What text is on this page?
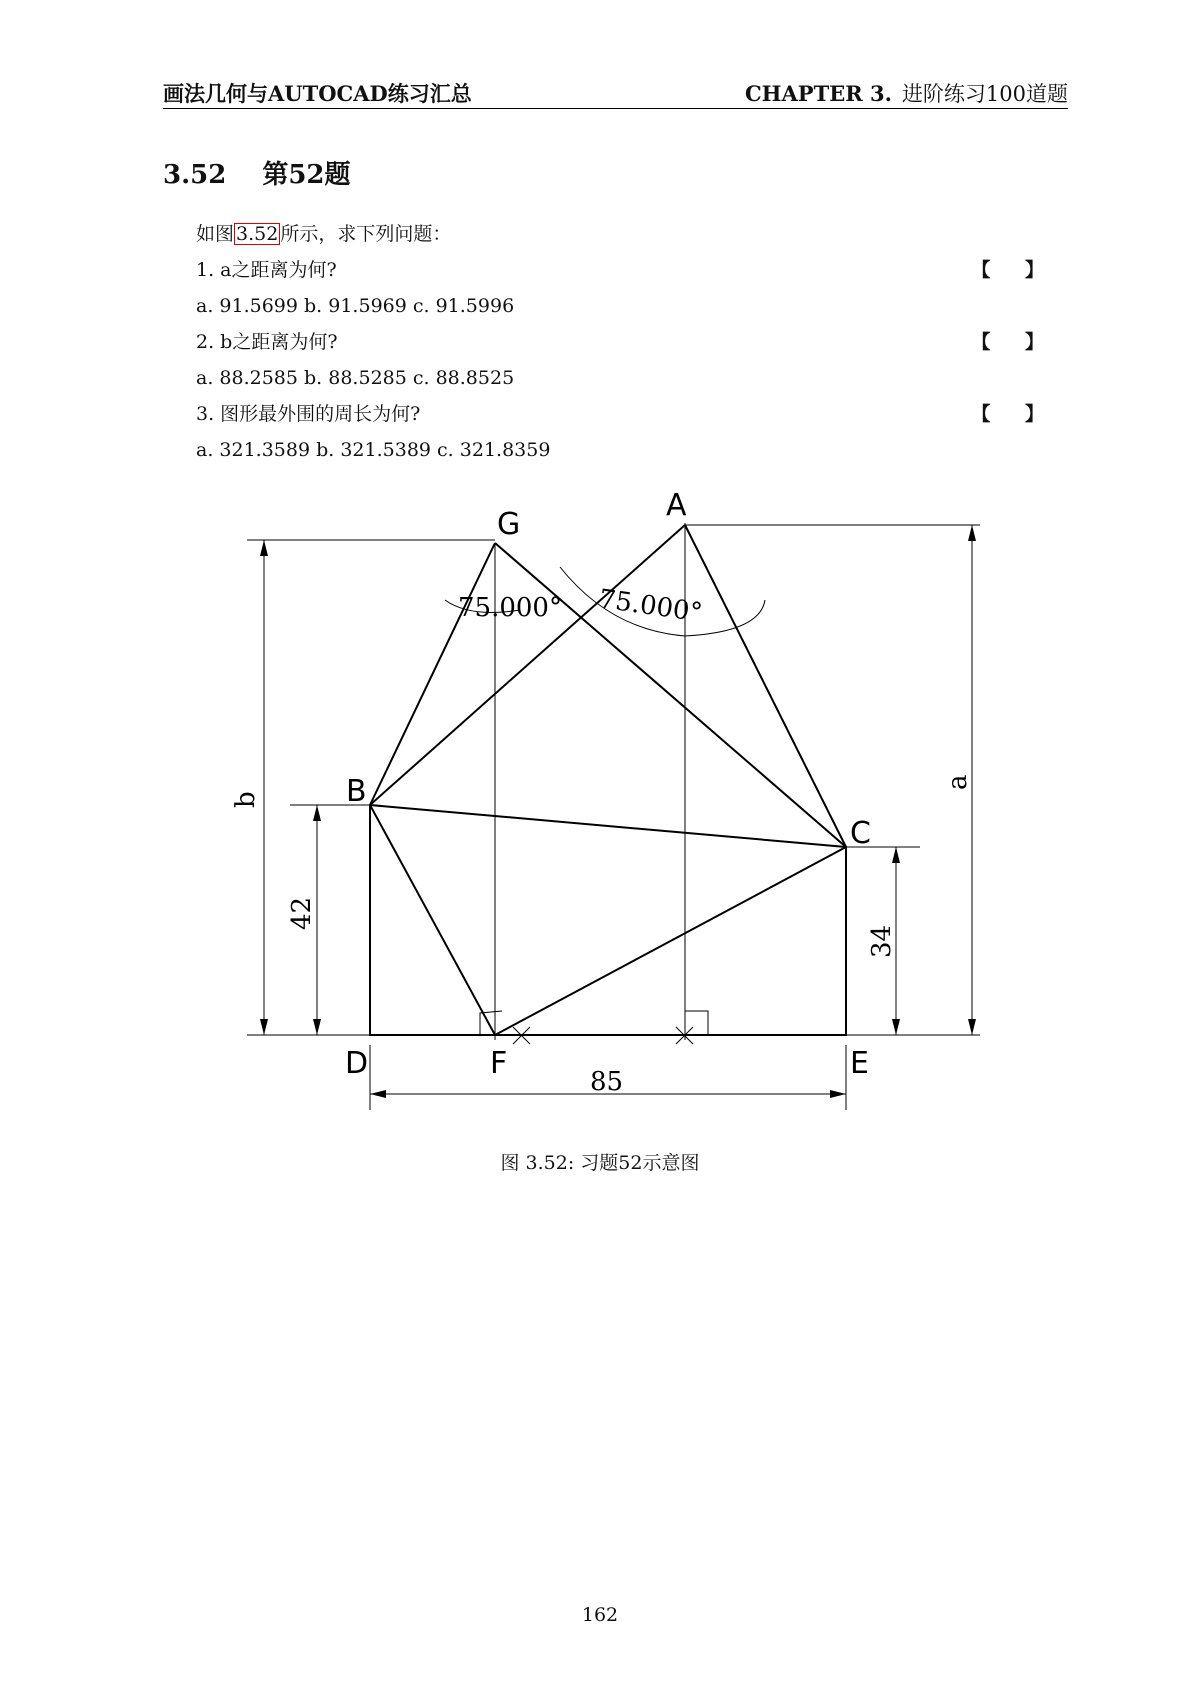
画法几何与AUTOCAD练习汇总	CHAPTER 3. 进阶练习100道题
3.52 第52题
如图 3.52 所示，求下列问题：
1. a之距离为何?	【 】
a. 91.5699 b. 91.5969 c. 91.5996
2. b之距离为何?	【 】
a. 88.2585 b. 88.5285 c. 88.8525
3. 图形最外围的周长为何?	【 】
a. 321.3589 b. 321.5389 c. 321.8359
A
G
B
C
D	F	E
85
42
34
b
a
75.000° 75.000°
图 3.52: 习题52示意图
162
